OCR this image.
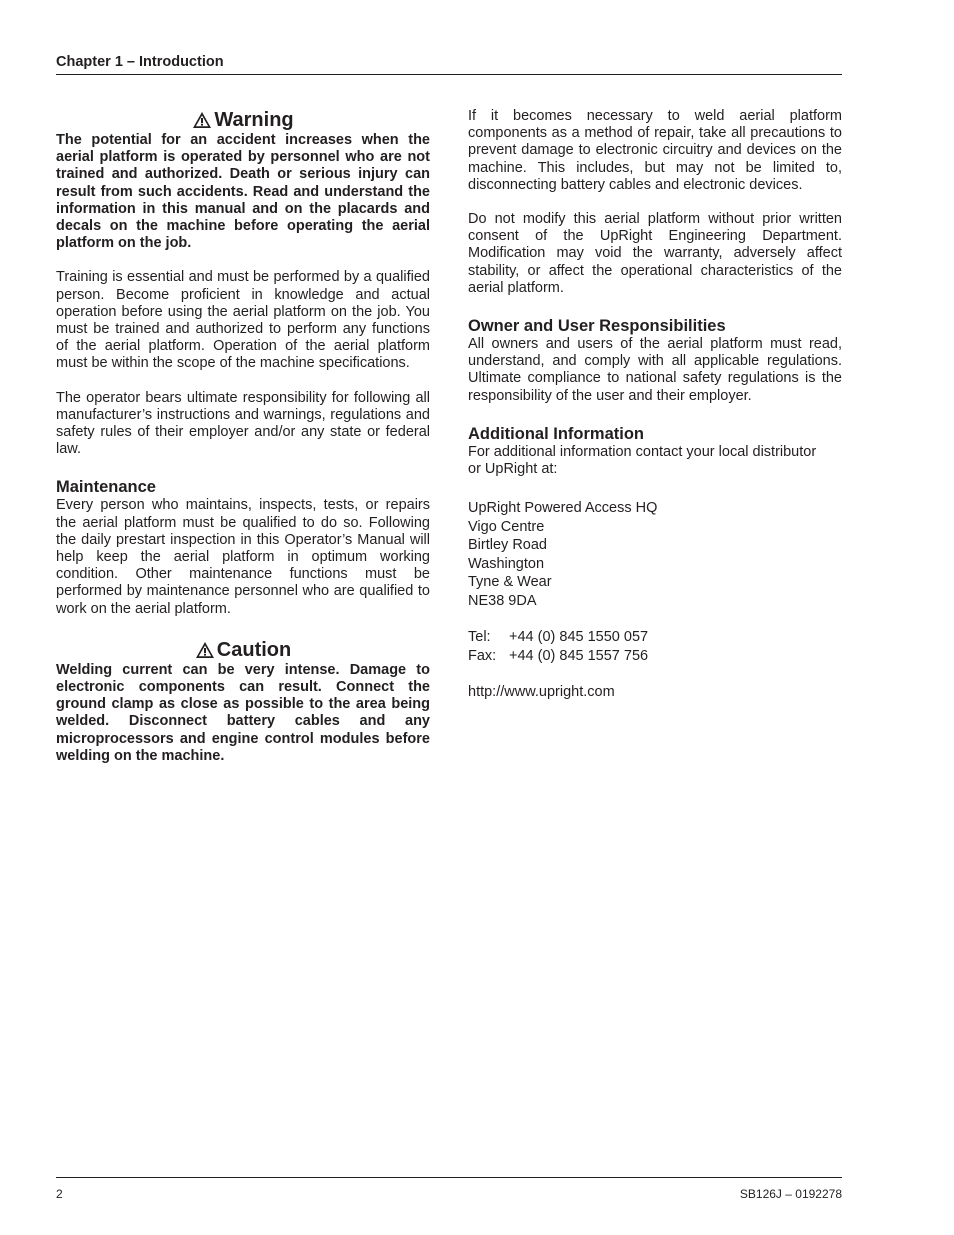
Chapter 1 – Introduction
Warning

The potential for an accident increases when the aerial platform is operated by personnel who are not trained and authorized. Death or serious injury can result from such accidents. Read and understand the information in this manual and on the placards and decals on the machine before operating the aerial platform on the job.

Training is essential and must be performed by a qualified person. Become proficient in knowledge and actual operation before using the aerial platform on the job. You must be trained and authorized to perform any functions of the aerial platform. Operation of the aerial platform must be within the scope of the machine specifications.

The operator bears ultimate responsibility for following all manufacturer’s instructions and warnings, regulations and safety rules of their employer and/or any state or federal law.

Maintenance

Every person who maintains, inspects, tests, or repairs the aerial platform must be qualified to do so. Following the daily prestart inspection in this Operator’s Manual will help keep the aerial platform in optimum working condition. Other maintenance functions must be performed by maintenance personnel who are qualified to work on the aerial platform.

Caution

Welding current can be very intense. Damage to electronic components can result. Connect the ground clamp as close as possible to the area being welded. Disconnect battery cables and any microprocessors and engine control modules before welding on the machine.

If it becomes necessary to weld aerial platform components as a method of repair, take all precautions to prevent damage to electronic circuitry and devices on the machine. This includes, but may not be limited to, disconnecting battery cables and electronic devices.

Do not modify this aerial platform without prior written consent of the UpRight Engineering Department. Modification may void the warranty, adversely affect stability, or affect the operational characteristics of the aerial platform.

Owner and User Responsibilities

All owners and users of the aerial platform must read, understand, and comply with all applicable regulations. Ultimate compliance to national safety regulations is the responsibility of the user and their employer.

Additional Information

For additional information contact your local distributor or UpRight at:

UpRight Powered Access HQ
Vigo Centre
Birtley Road
Washington
Tyne & Wear
NE38 9DA
Tel: +44 (0) 845 1550 057
Fax: +44 (0) 845 1557 756
http://www.upright.com
2	SB126J – 0192278
